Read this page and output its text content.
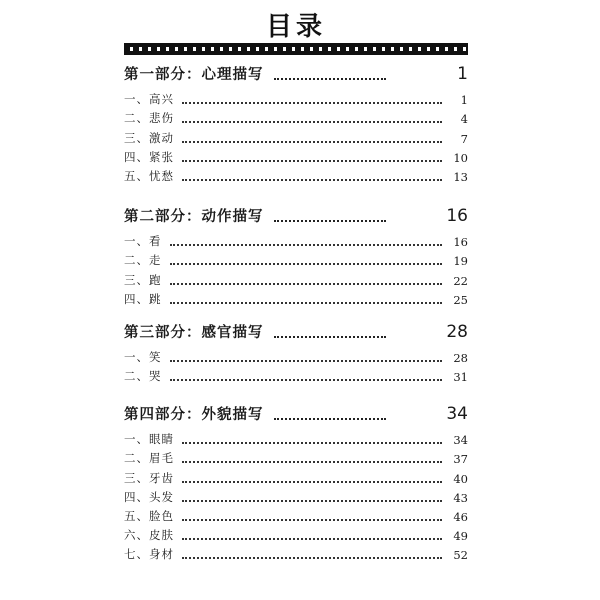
目录
第一部分：心理描写	1
一、高兴	1
二、悲伤	4
三、激动	7
四、紧张	10
五、忧愁	13
第二部分：动作描写	16
一、看	16
二、走	19
三、跑	22
四、跳	25
第三部分：感官描写	28
一、笑	28
二、哭	31
第四部分：外貌描写	34
一、眼睛	34
二、眉毛	37
三、牙齿	40
四、头发	43
五、脸色	46
六、皮肤	49
七、身材	52
